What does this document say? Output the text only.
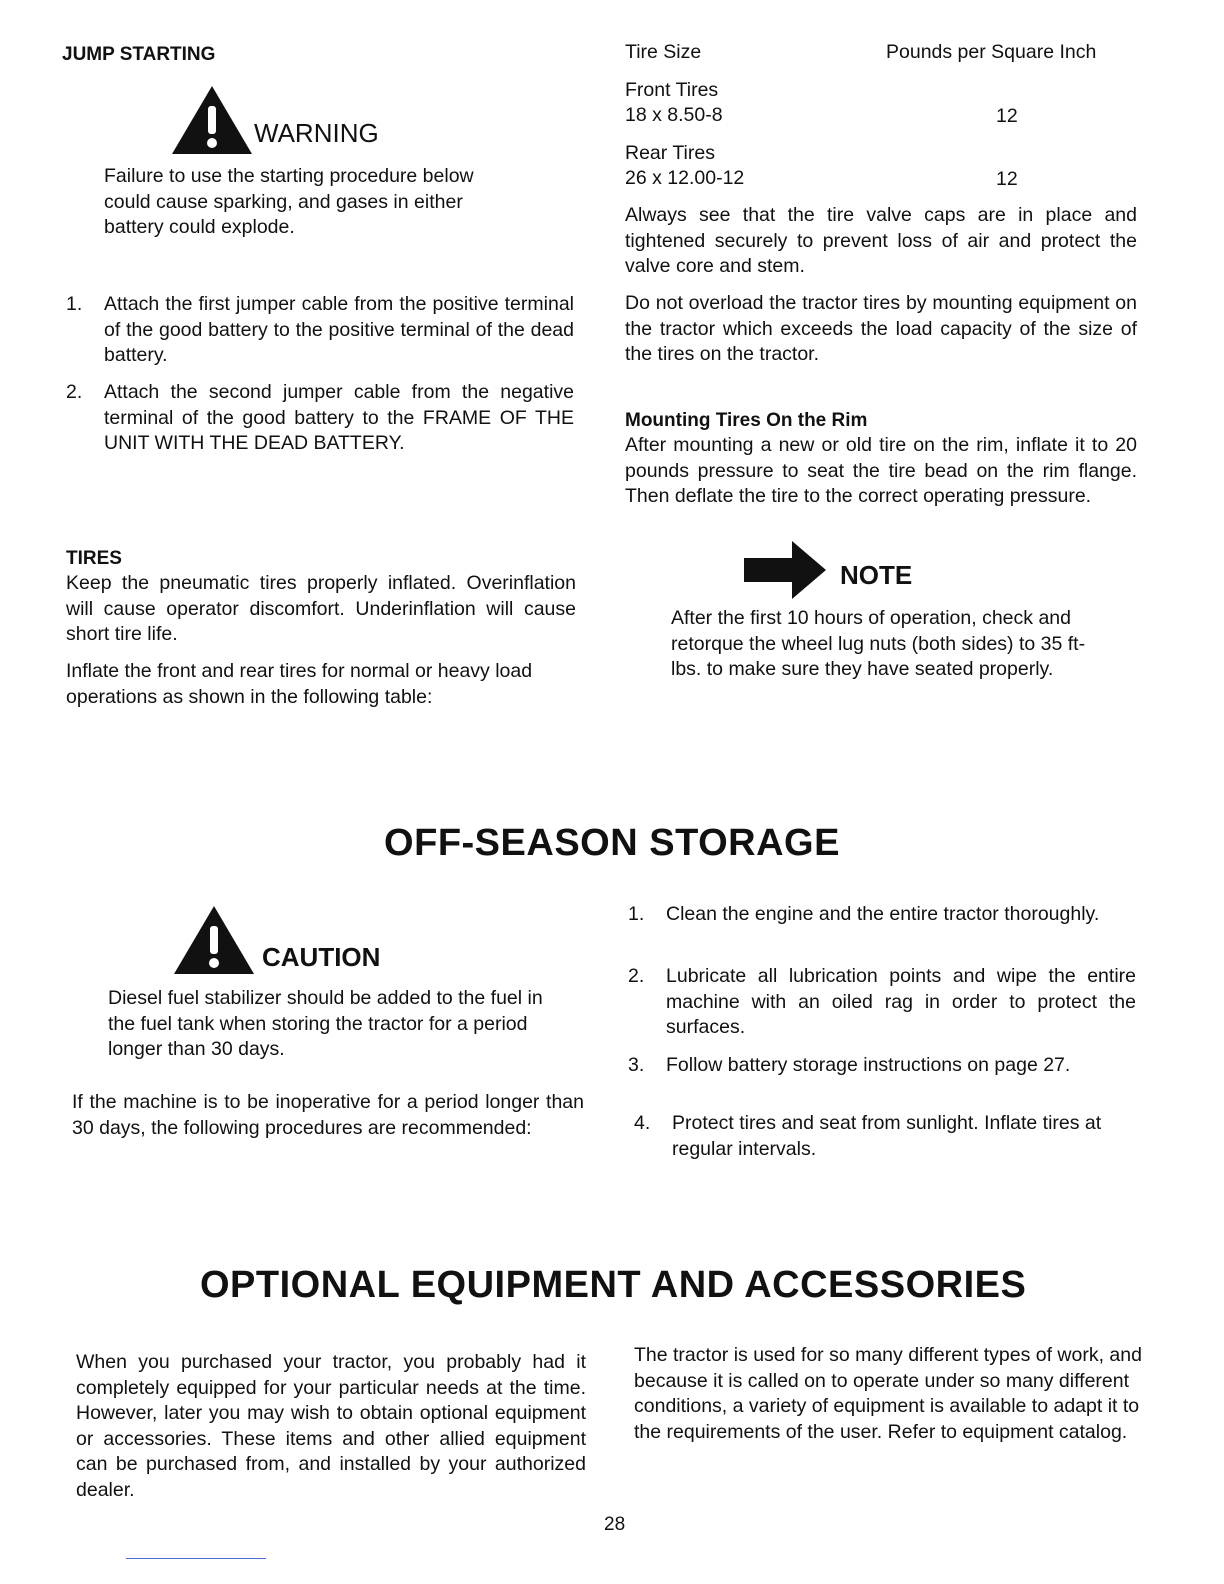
JUMP STARTING
WARNING

Failure to use the starting procedure below could cause sparking, and gases in either battery could explode.

1. Attach the first jumper cable from the positive terminal of the good battery to the positive terminal of the dead battery.
2. Attach the second jumper cable from the negative terminal of the good battery to the FRAME OF THE UNIT WITH THE DEAD BATTERY.
TIRES

Keep the pneumatic tires properly inflated. Overinflation will cause operator discomfort. Underinflation will cause short tire life.

Inflate the front and rear tires for normal or heavy load operations as shown in the following table:

Tire Size	Pounds per Square Inch
Front Tires
18 x 8.50-8	12
Rear Tires
26 x 12.00-12	12

Always see that the tire valve caps are in place and tightened securely to prevent loss of air and protect the valve core and stem.

Do not overload the tractor tires by mounting equipment on the tractor which exceeds the load capacity of the size of the tires on the tractor.

Mounting Tires On the Rim

After mounting a new or old tire on the rim, inflate it to 20 pounds pressure to seat the tire bead on the rim flange. Then deflate the tire to the correct operating pressure.

NOTE

After the first 10 hours of operation, check and retorque the wheel lug nuts (both sides) to 35 ft-lbs. to make sure they have seated properly.

OFF-SEASON STORAGE
CAUTION

Diesel fuel stabilizer should be added to the fuel in the fuel tank when storing the tractor for a period longer than 30 days.

If the machine is to be inoperative for a period longer than 30 days, the following procedures are recommended:

1. Clean the engine and the entire tractor thoroughly.
2. Lubricate all lubrication points and wipe the entire machine with an oiled rag in order to protect the surfaces.
3. Follow battery storage instructions on page 27.
4. Protect tires and seat from sunlight. Inflate tires at regular intervals.
OPTIONAL EQUIPMENT AND ACCESSORIES

When you purchased your tractor, you probably had it completely equipped for your particular needs at the time. However, later you may wish to obtain optional equipment or accessories. These items and other allied equipment can be purchased from, and installed by your authorized dealer.

The tractor is used for so many different types of work, and because it is called on to operate under so many different conditions, a variety of equipment is available to adapt it to the requirements of the user. Refer to equipment catalog.

28
